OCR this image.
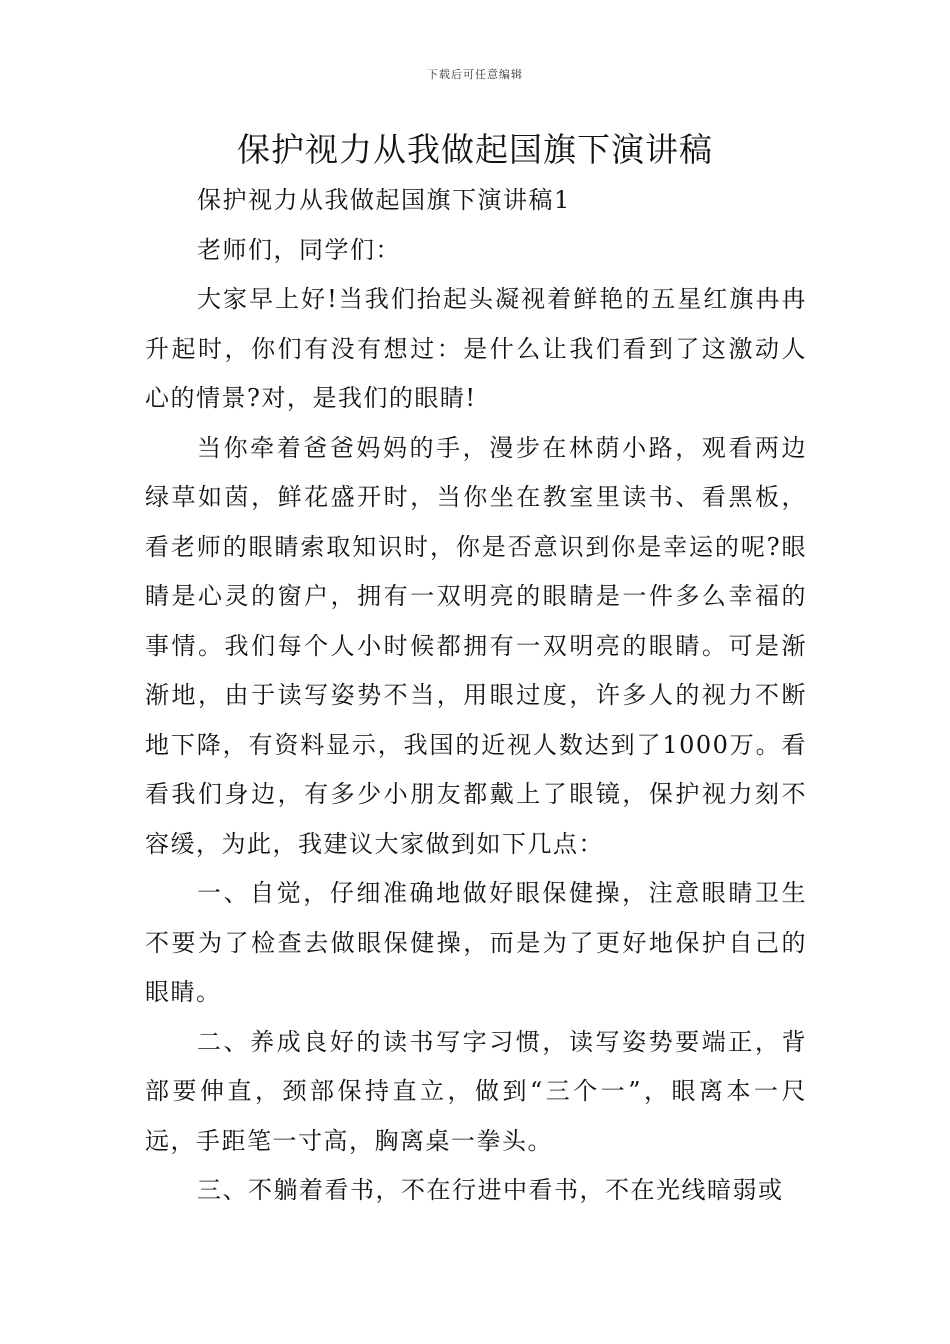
下载后可任意编辑
保护视力从我做起国旗下演讲稿

保护视力从我做起国旗下演讲稿1

老师们，同学们：

大家早上好!当我们抬起头凝视着鲜艳的五星红旗冉冉升起时，你们有没有想过：是什么让我们看到了这激动人心的情景?对，是我们的眼睛!

当你牵着爸爸妈妈的手，漫步在林荫小路，观看两边绿草如茵，鲜花盛开时，当你坐在教室里读书、看黑板，看老师的眼睛索取知识时，你是否意识到你是幸运的呢?眼睛是心灵的窗户，拥有一双明亮的眼睛是一件多么幸福的事情。我们每个人小时候都拥有一双明亮的眼睛。可是渐渐地，由于读写姿势不当，用眼过度，许多人的视力不断地下降，有资料显示，我国的近视人数达到了1000万。看看我们身边，有多少小朋友都戴上了眼镜，保护视力刻不容缓，为此，我建议大家做到如下几点：

一、自觉，仔细准确地做好眼保健操，注意眼睛卫生不要为了检查去做眼保健操，而是为了更好地保护自己的眼睛。

二、养成良好的读书写字习惯，读写姿势要端正，背部要伸直，颈部保持直立，做到“三个一”，眼离本一尺远，手距笔一寸高，胸离桌一拳头。

三、不躺着看书，不在行进中看书，不在光线暗弱或
